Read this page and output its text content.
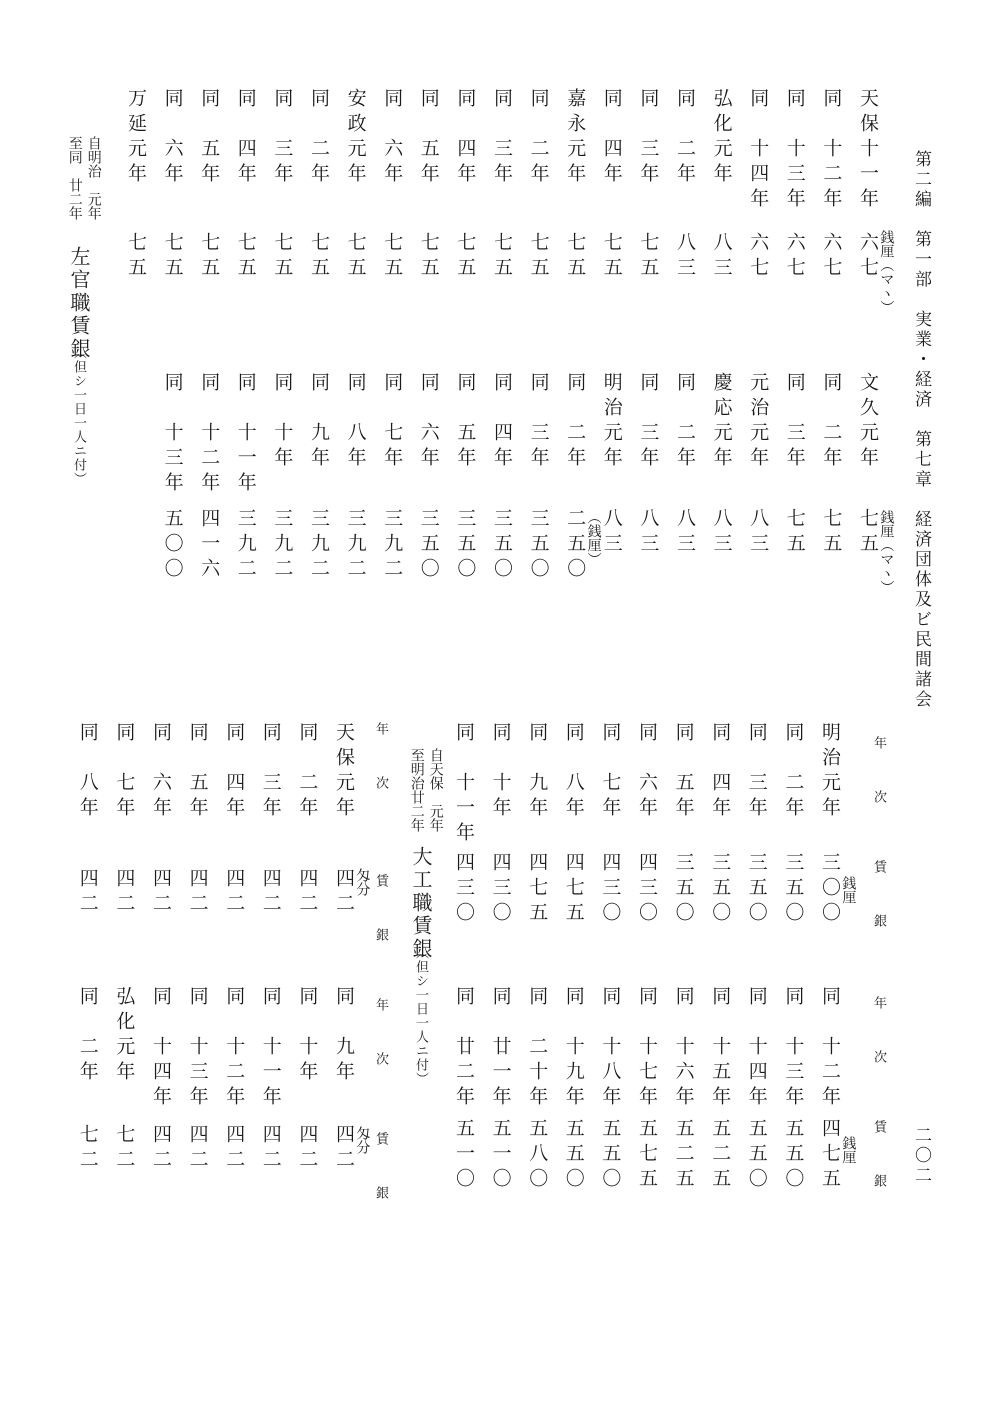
第二編　第一部　実業・経済　第七章　経済団体及ビ民間諸会
二〇二
天保十一年
六七 銭厘（マヽ）
文久元年
七五 銭厘（マヽ）
同　十二年
六七
同　二年
七五
同　十三年
六七
同　三年
七五
同　十四年
六七
元治元年
八三
弘化元年
八三
慶応元年
八三
同　二年
八三
同　二年
八三
同　三年
七五
同　三年
八三
同　四年
七五
明治元年
八三
嘉永元年
七五
同　二年
二五〇 （銭厘）
同　二年
七五
同　三年
三五〇
同　三年
七五
同　四年
三五〇
同　四年
七五
同　五年
三五〇
同　五年
七五
同　六年
三五〇
同　六年
七五
同　七年
三九二
安政元年
七五
同　八年
三九二
同　二年
七五
同　九年
三九二
同　三年
七五
同　十年
三九二
同　四年
七五
同　十一年
三九二
同　五年
七五
同　十二年
四一六
同　六年
七五
同　十三年
五〇〇
万延元年
七五
自明治　元年
至同　廿二年
左官職賃銀
（但シ一日一人ニ付）
明治元年
三〇〇 銭厘
同　十二年
四七五 銭厘
同　二年
三五〇
同　十三年
五五〇
同　三年
三五〇
同　十四年
五五〇
同　四年
三五〇
同　十五年
五二五
同　五年
三五〇
同　十六年
五二五
同　六年
四三〇
同　十七年
五七五
同　七年
四三〇
同　十八年
五五〇
同　八年
四七五
同　十九年
五五〇
同　九年
四七五
同　二十年
五八〇
同　十年
四三〇
同　廿一年
五一〇
同　十一年
四三〇
同　廿二年
五一〇
年　次
賃　銀
年　次
賃　銀
天保元年
四二 匁分
同　九年
四二 匁分
同　二年
四二
同　十年
四二
同　三年
四二
同　十一年
四二
同　四年
四二
同　十二年
四二
同　五年
四二
同　十三年
四二
同　六年
四二
同　十四年
四二
同　七年
四二
弘化元年
七二
同　八年
四二
同　二年
七二
自天保　元年
至明治廿二年
大工職賃銀
（但シ一日一人ニ付）
年　次
賃　銀
年　次
賃　銀
